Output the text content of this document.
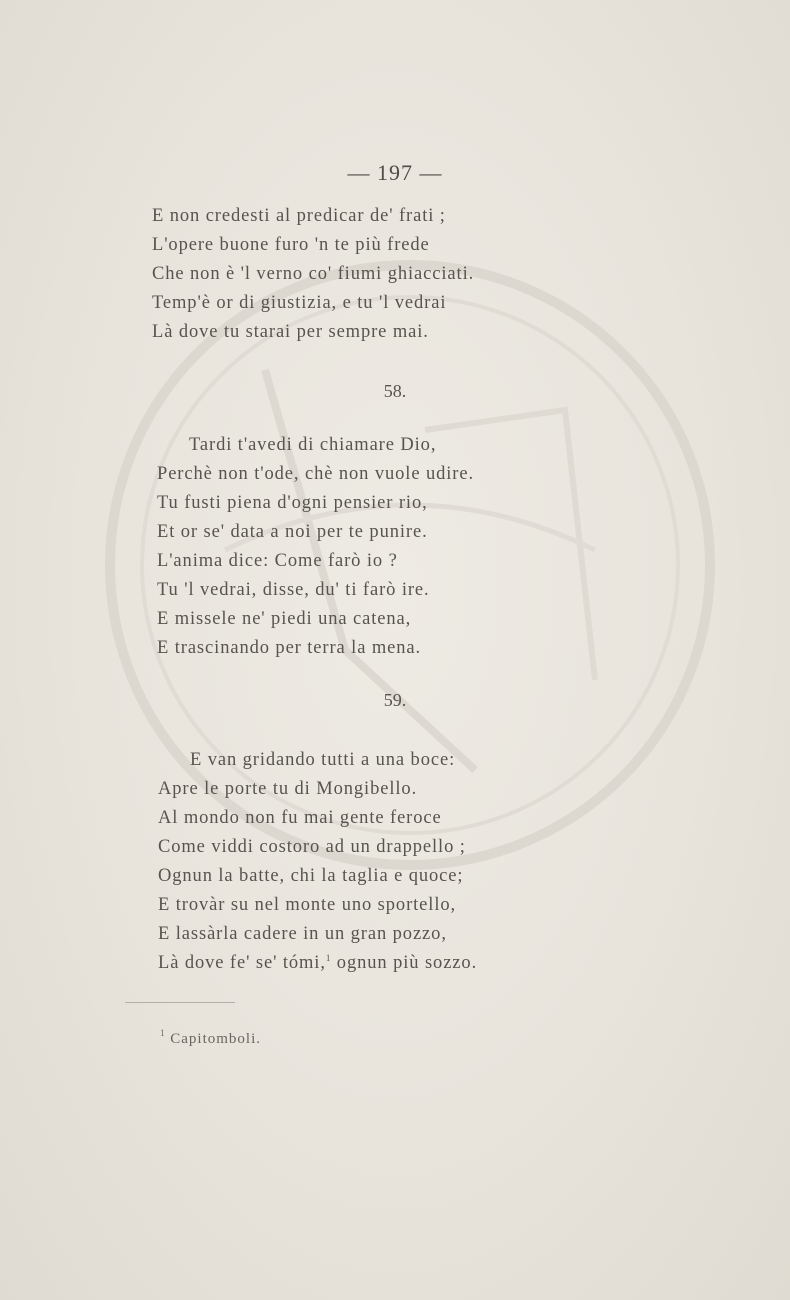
— 197 —
E non credesti al predicar de' frati ;
L'opere buone furo 'n te più frede
Che non è 'l verno co' fiumi ghiacciati.
Temp'è or di giustizia, e tu 'l vedrai
Là dove tu starai per sempre mai.
58.
Tardi t'avedi di chiamare Dio,
Perchè non t'ode, chè non vuole udire.
Tu fusti piena d'ogni pensier rio,
Et or se' data a noi per te punire.
L'anima dice: Come farò io ?
Tu 'l vedrai, disse, du' ti farò ire.
E missele ne' piedi una catena,
E trascinando per terra la mena.
59.
E van gridando tutti a una boce:
Apre le porte tu di Mongibello.
Al mondo non fu mai gente feroce
Come viddi costoro ad un drappello ;
Ognun la batte, chi la taglia e quoce;
E trovàr su nel monte uno sportello,
E lassàrla cadere in un gran pozzo,
Là dove fe' se' tómi,$^1$ ognun più sozzo.
$^1$ Capitomboli.
